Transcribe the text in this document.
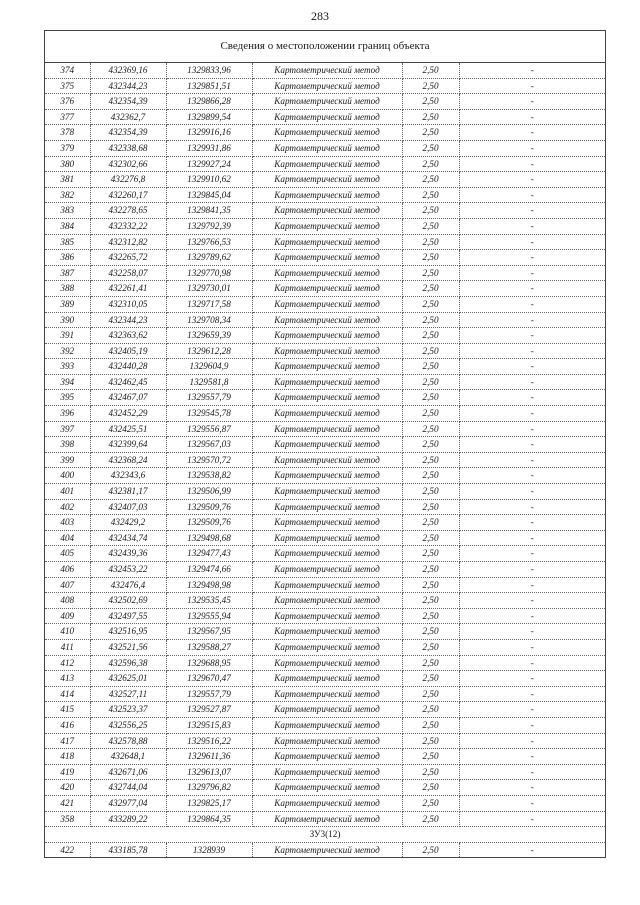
283
Сведения о местоположении границ объекта
374	432369,16	1329833,96	Картометрический метод	2,50	-
375	432344,23	1329851,51	Картометрический метод	2,50	-
376	432354,39	1329866,28	Картометрический метод	2,50	-
377	432362,7	1329899,54	Картометрический метод	2,50	-
378	432354,39	1329916,16	Картометрический метод	2,50	-
379	432338,68	1329931,86	Картометрический метод	2,50	-
380	432302,66	1329927,24	Картометрический метод	2,50	-
381	432276,8	1329910,62	Картометрический метод	2,50	-
382	432260,17	1329845,04	Картометрический метод	2,50	-
383	432278,65	1329841,35	Картометрический метод	2,50	-
384	432332,22	1329792,39	Картометрический метод	2,50	-
385	432312,82	1329766,53	Картометрический метод	2,50	-
386	432265,72	1329789,62	Картометрический метод	2,50	-
387	432258,07	1329770,98	Картометрический метод	2,50	-
388	432261,41	1329730,01	Картометрический метод	2,50	-
389	432310,05	1329717,58	Картометрический метод	2,50	-
390	432344,23	1329708,34	Картометрический метод	2,50	-
391	432363,62	1329659,39	Картометрический метод	2,50	-
392	432405,19	1329612,28	Картометрический метод	2,50	-
393	432440,28	1329604,9	Картометрический метод	2,50	-
394	432462,45	1329581,8	Картометрический метод	2,50	-
395	432467,07	1329557,79	Картометрический метод	2,50	-
396	432452,29	1329545,78	Картометрический метод	2,50	-
397	432425,51	1329556,87	Картометрический метод	2,50	-
398	432399,64	1329567,03	Картометрический метод	2,50	-
399	432368,24	1329570,72	Картометрический метод	2,50	-
400	432343,6	1329538,82	Картометрический метод	2,50	-
401	432381,17	1329506,99	Картометрический метод	2,50	-
402	432407,03	1329509,76	Картометрический метод	2,50	-
403	432429,2	1329509,76	Картометрический метод	2,50	-
404	432434,74	1329498,68	Картометрический метод	2,50	-
405	432439,36	1329477,43	Картометрический метод	2,50	-
406	432453,22	1329474,66	Картометрический метод	2,50	-
407	432476,4	1329498,98	Картометрический метод	2,50	-
408	432502,69	1329535,45	Картометрический метод	2,50	-
409	432497,55	1329555,94	Картометрический метод	2,50	-
410	432516,95	1329567,95	Картометрический метод	2,50	-
411	432521,56	1329588,27	Картометрический метод	2,50	-
412	432596,38	1329688,95	Картометрический метод	2,50	-
413	432625,01	1329670,47	Картометрический метод	2,50	-
414	432527,11	1329557,79	Картометрический метод	2,50	-
415	432523,37	1329527,87	Картометрический метод	2,50	-
416	432556,25	1329515,83	Картометрический метод	2,50	-
417	432578,88	1329516,22	Картометрический метод	2,50	-
418	432648,1	1329611,36	Картометрический метод	2,50	-
419	432671,06	1329613,07	Картометрический метод	2,50	-
420	432744,04	1329796,82	Картометрический метод	2,50	-
421	432977,04	1329825,17	Картометрический метод	2,50	-
358	433289,22	1329864,35	Картометрический метод	2,50	-
ЗУ3(12)					
422	433185,78	1328939	Картометрический метод	2,50	-
